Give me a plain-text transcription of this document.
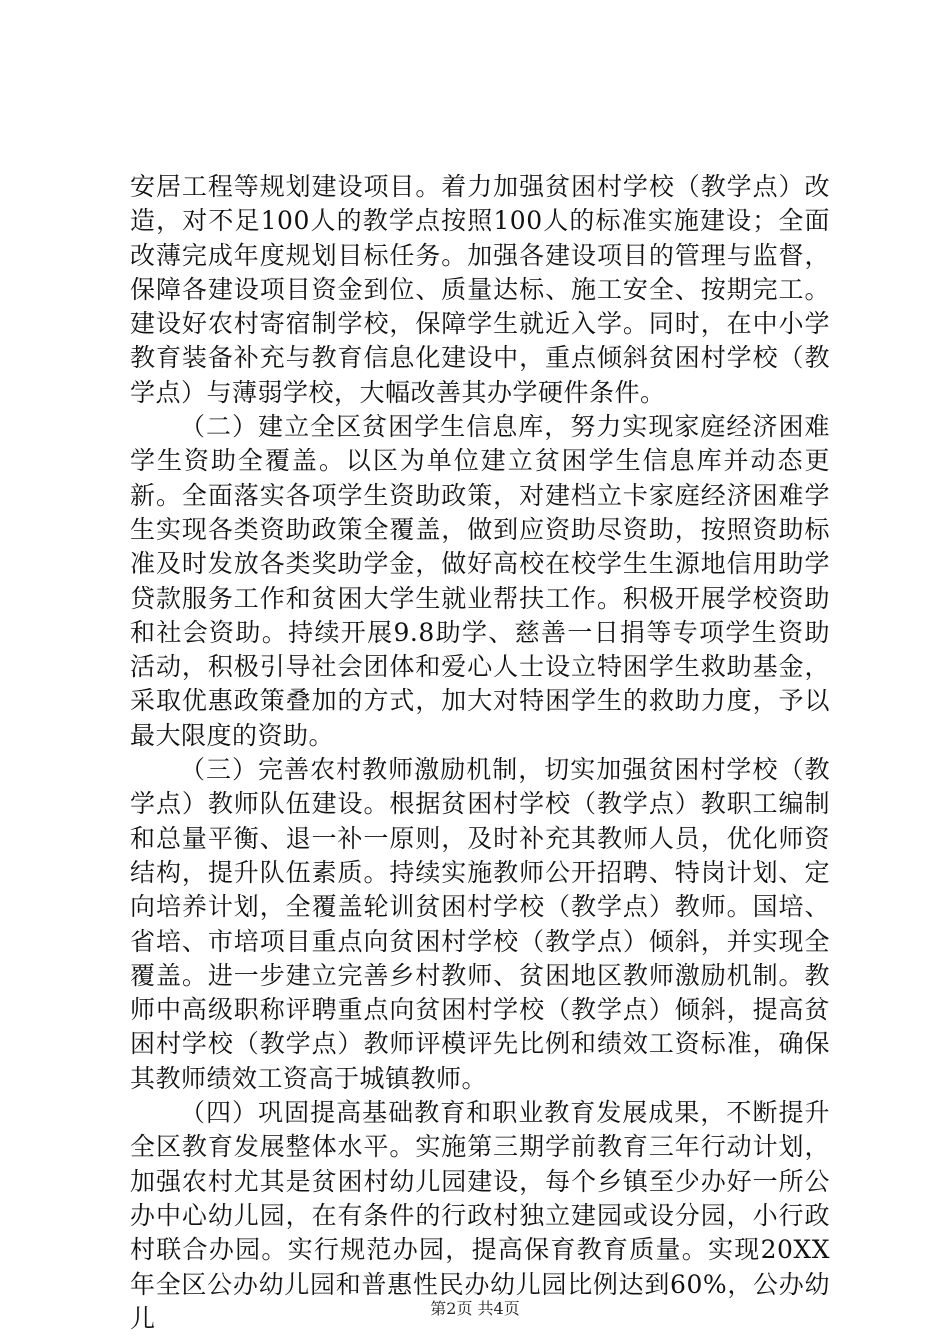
安居工程等规划建设项目。着力加强贫困村学校（教学点）改造，对不足100人的教学点按照100人的标准实施建设；全面改薄完成年度规划目标任务。加强各建设项目的管理与监督，保障各建设项目资金到位、质量达标、施工安全、按期完工。建设好农村寄宿制学校，保障学生就近入学。同时，在中小学教育装备补充与教育信息化建设中，重点倾斜贫困村学校（教学点）与薄弱学校，大幅改善其办学硬件条件。

（二）建立全区贫困学生信息库，努力实现家庭经济困难学生资助全覆盖。以区为单位建立贫困学生信息库并动态更新。全面落实各项学生资助政策，对建档立卡家庭经济困难学生实现各类资助政策全覆盖，做到应资助尽资助，按照资助标准及时发放各类奖助学金，做好高校在校学生生源地信用助学贷款服务工作和贫困大学生就业帮扶工作。积极开展学校资助和社会资助。持续开展9.8助学、慈善一日捐等专项学生资助活动，积极引导社会团体和爱心人士设立特困学生救助基金，采取优惠政策叠加的方式，加大对特困学生的救助力度，予以最大限度的资助。

（三）完善农村教师激励机制，切实加强贫困村学校（教学点）教师队伍建设。根据贫困村学校（教学点）教职工编制和总量平衡、退一补一原则，及时补充其教师人员，优化师资结构，提升队伍素质。持续实施教师公开招聘、特岗计划、定向培养计划，全覆盖轮训贫困村学校（教学点）教师。国培、省培、市培项目重点向贫困村学校（教学点）倾斜，并实现全覆盖。进一步建立完善乡村教师、贫困地区教师激励机制。教师中高级职称评聘重点向贫困村学校（教学点）倾斜，提高贫困村学校（教学点）教师评模评先比例和绩效工资标准，确保其教师绩效工资高于城镇教师。

（四）巩固提高基础教育和职业教育发展成果，不断提升全区教育发展整体水平。实施第三期学前教育三年行动计划，加强农村尤其是贫困村幼儿园建设，每个乡镇至少办好一所公办中心幼儿园，在有条件的行政村独立建园或设分园，小行政村联合办园。实行规范办园，提高保育教育质量。实现20XX年全区公办幼儿园和普惠性民办幼儿园比例达到60%，公办幼儿	第2页 共4页
